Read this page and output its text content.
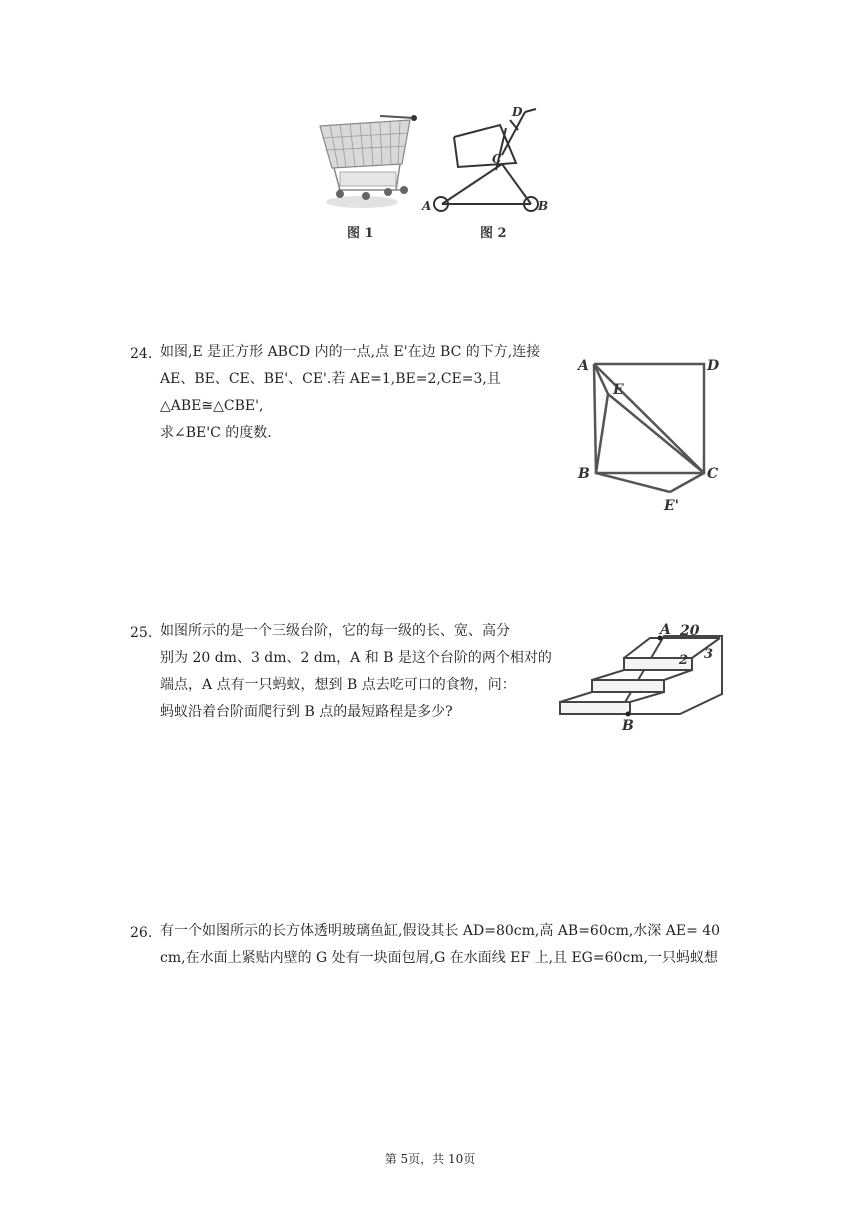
图 1
D
C
A	B
图 2
24. 如图,E 是正方形 ABCD 内的一点,点 E'在边 BC 的下方,连接
AE、BE、CE、BE'、CE'.若 AE=1,BE=2,CE=3,且△ABE≅△CBE',
求∠BE'C 的度数.
A	D
E
B	C
E'
25. 如图所示的是一个三级台阶，它的每一级的长、宽、高分
别为 20 dm、3 dm、2 dm，A 和 B 是这个台阶的两个相对的
端点，A 点有一只蚂蚁，想到 B 点去吃可口的食物，问：
蚂蚁沿着台阶面爬行到 B 点的最短路程是多少?
A 20
2 3
B
26. 有一个如图所示的长方体透明玻璃鱼缸,假设其长 AD=80cm,高 AB=60cm,水深 AE= 40
cm,在水面上紧贴内壁的 G 处有一块面包屑,G 在水面线 EF 上,且 EG=60cm,一只蚂蚁想
第 5页，共 10页
